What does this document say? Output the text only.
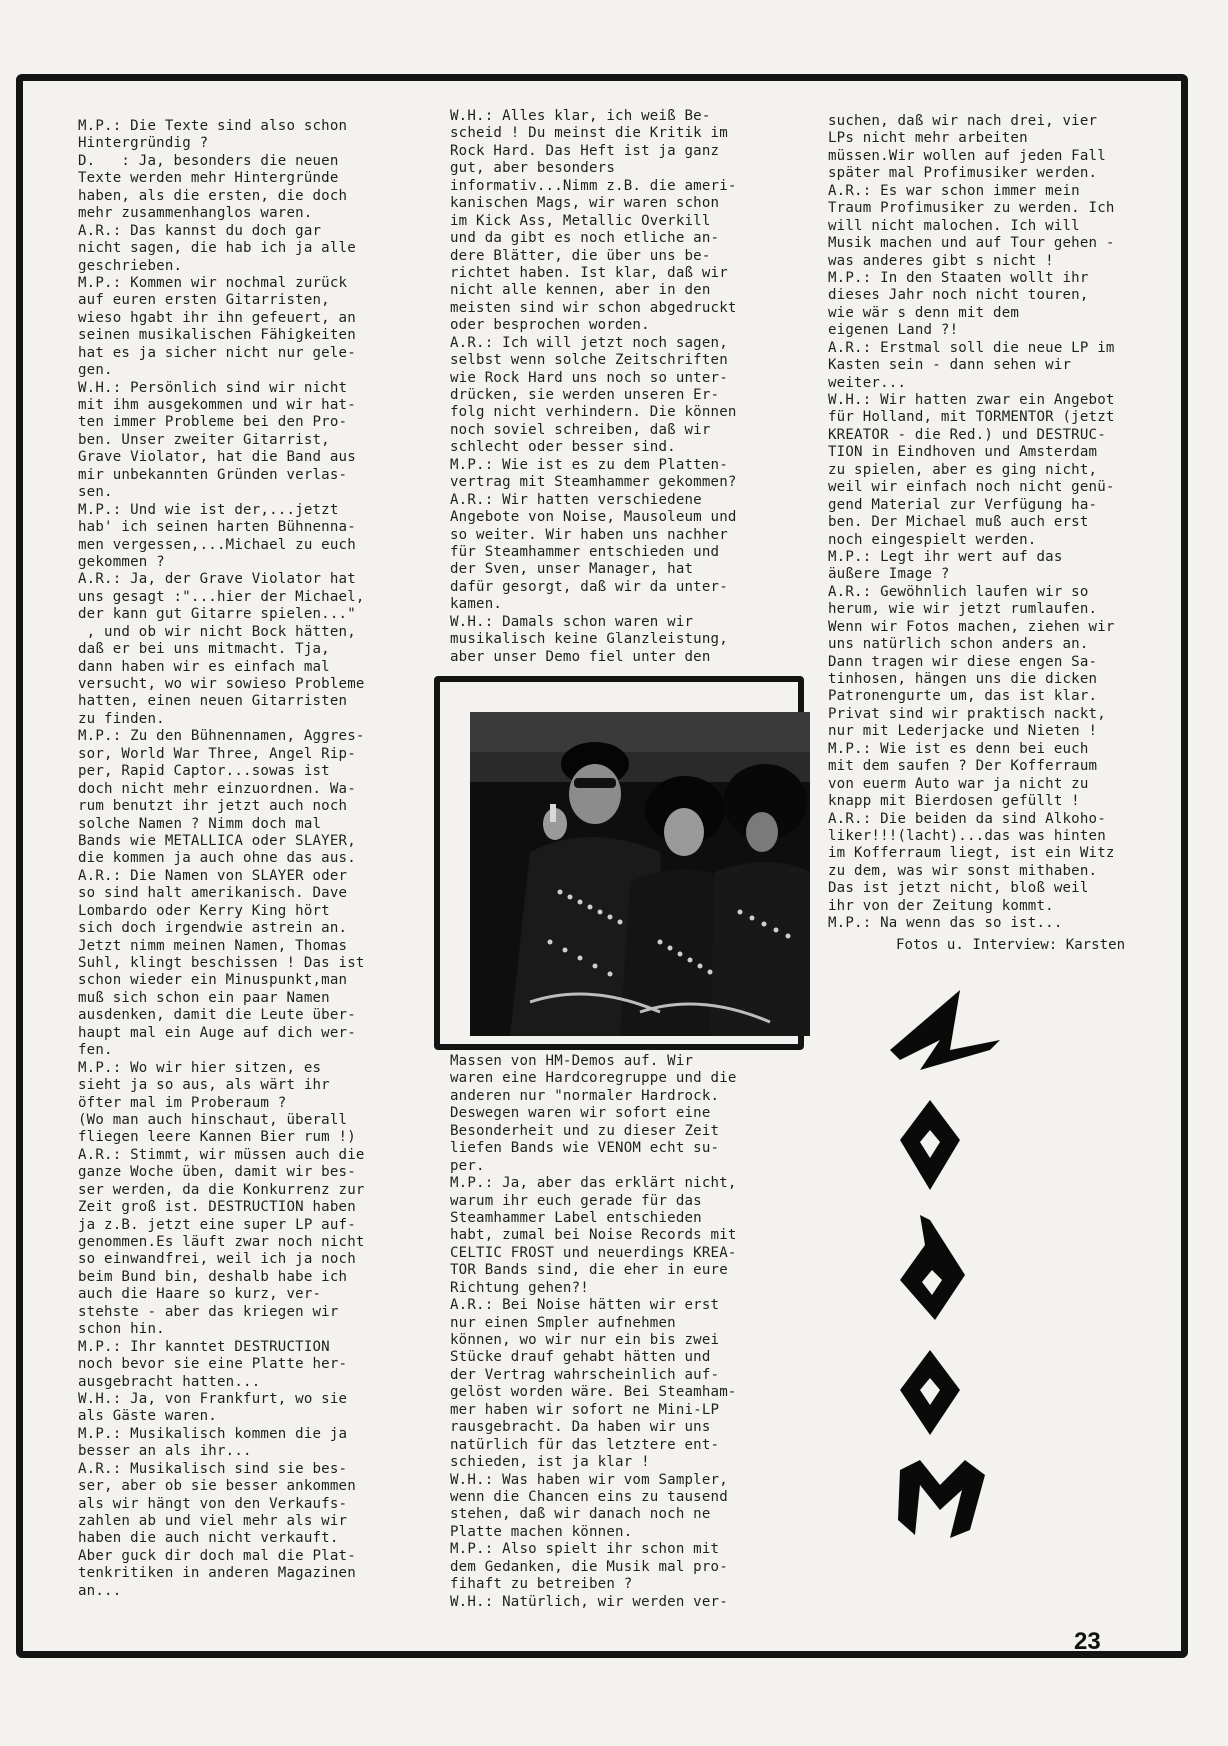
M.P.: Die Texte sind also schon
Hintergründig ?
D.   : Ja, besonders die neuen
Texte werden mehr Hintergründe
haben, als die ersten, die doch
mehr zusammenhanglos waren.
A.R.: Das kannst du doch gar
nicht sagen, die hab ich ja alle
geschrieben.
M.P.: Kommen wir nochmal zurück
auf euren ersten Gitarristen,
wieso hgabt ihr ihn gefeuert, an
seinen musikalischen Fähigkeiten
hat es ja sicher nicht nur gele-
gen.
W.H.: Persönlich sind wir nicht
mit ihm ausgekommen und wir hat-
ten immer Probleme bei den Pro-
ben. Unser zweiter Gitarrist,
Grave Violator, hat die Band aus
mir unbekannten Gründen verlas-
sen.
M.P.: Und wie ist der,...jetzt
hab' ich seinen harten Bühnenna-
men vergessen,...Michael zu euch
gekommen ?
A.R.: Ja, der Grave Violator hat
uns gesagt :"...hier der Michael,
der kann gut Gitarre spielen..."
, und ob wir nicht Bock hätten,
daß er bei uns mitmacht. Tja,
dann haben wir es einfach mal
versucht, wo wir sowieso Probleme
hatten, einen neuen Gitarristen
zu finden.
M.P.: Zu den Bühnennamen, Aggres-
sor, World War Three, Angel Rip-
per, Rapid Captor...sowas ist
doch nicht mehr einzuordnen. Wa-
rum benutzt ihr jetzt auch noch
solche Namen ? Nimm doch mal
Bands wie METALLICA oder SLAYER,
die kommen ja auch ohne das aus.
A.R.: Die Namen von SLAYER oder
so sind halt amerikanisch. Dave
Lombardo oder Kerry King hört
sich doch irgendwie astrein an.
Jetzt nimm meinen Namen, Thomas
Suhl, klingt beschissen ! Das ist
schon wieder ein Minuspunkt,man
muß sich schon ein paar Namen
ausdenken, damit die Leute über-
haupt mal ein Auge auf dich wer-
fen.
M.P.: Wo wir hier sitzen, es
sieht ja so aus, als wärt ihr
öfter mal im Proberaum ?
(Wo man auch hinschaut, überall
fliegen leere Kannen Bier rum !)
A.R.: Stimmt, wir müssen auch die
ganze Woche üben, damit wir bes-
ser werden, da die Konkurrenz zur
Zeit groß ist. DESTRUCTION haben
ja z.B. jetzt eine super LP auf-
genommen.Es läuft zwar noch nicht
so einwandfrei, weil ich ja noch
beim Bund bin, deshalb habe ich
auch die Haare so kurz, ver-
stehste - aber das kriegen wir
schon hin.
M.P.: Ihr kanntet DESTRUCTION
noch bevor sie eine Platte her-
ausgebracht hatten...
W.H.: Ja, von Frankfurt, wo sie
als Gäste waren.
M.P.: Musikalisch kommen die ja
besser an als ihr...
A.R.: Musikalisch sind sie bes-
ser, aber ob sie besser ankommen
als wir hängt von den Verkaufs-
zahlen ab und viel mehr als wir
haben die auch nicht verkauft.
Aber guck dir doch mal die Plat-
tenkritiken in anderen Magazinen
an...
W.H.: Alles klar, ich weiß Be-
scheid ! Du meinst die Kritik im
Rock Hard. Das Heft ist ja ganz
gut, aber besonders
informativ...Nimm z.B. die ameri-
kanischen Mags, wir waren schon
im Kick Ass, Metallic Overkill
und da gibt es noch etliche an-
dere Blätter, die über uns be-
richtet haben. Ist klar, daß wir
nicht alle kennen, aber in den
meisten sind wir schon abgedruckt
oder besprochen worden.
A.R.: Ich will jetzt noch sagen,
selbst wenn solche Zeitschriften
wie Rock Hard uns noch so unter-
drücken, sie werden unseren Er-
folg nicht verhindern. Die können
noch soviel schreiben, daß wir
schlecht oder besser sind.
M.P.: Wie ist es zu dem Platten-
vertrag mit Steamhammer gekommen?
A.R.: Wir hatten verschiedene
Angebote von Noise, Mausoleum und
so weiter. Wir haben uns nachher
für Steamhammer entschieden und
der Sven, unser Manager, hat
dafür gesorgt, daß wir da unter-
kamen.
W.H.: Damals schon waren wir
musikalisch keine Glanzleistung,
aber unser Demo fiel unter den
Massen von HM-Demos auf. Wir
waren eine Hardcoregruppe und die
anderen nur "normaler Hardrock.
Deswegen waren wir sofort eine
Besonderheit und zu dieser Zeit
liefen Bands wie VENOM echt su-
per.
M.P.: Ja, aber das erklärt nicht,
warum ihr euch gerade für das
Steamhammer Label entschieden
habt, zumal bei Noise Records mit
CELTIC FROST und neuerdings KREA-
TOR Bands sind, die eher in eure
Richtung gehen?!
A.R.: Bei Noise hätten wir erst
nur einen Smpler aufnehmen
können, wo wir nur ein bis zwei
Stücke drauf gehabt hätten und
der Vertrag wahrscheinlich auf-
gelöst worden wäre. Bei Steamham-
mer haben wir sofort ne Mini-LP
rausgebracht. Da haben wir uns
natürlich für das letztere ent-
schieden, ist ja klar !
W.H.: Was haben wir vom Sampler,
wenn die Chancen eins zu tausend
stehen, daß wir danach noch ne
Platte machen können.
M.P.: Also spielt ihr schon mit
dem Gedanken, die Musik mal pro-
fihaft zu betreiben ?
W.H.: Natürlich, wir werden ver-
suchen, daß wir nach drei, vier
LPs nicht mehr arbeiten
müssen.Wir wollen auf jeden Fall
später mal Profimusiker werden.
A.R.: Es war schon immer mein
Traum Profimusiker zu werden. Ich
will nicht malochen. Ich will
Musik machen und auf Tour gehen -
was anderes gibt s nicht !
M.P.: In den Staaten wollt ihr
dieses Jahr noch nicht touren,
wie wär s denn mit dem
eigenen Land ?!
A.R.: Erstmal soll die neue LP im
Kasten sein - dann sehen wir
weiter...
W.H.: Wir hatten zwar ein Angebot
für Holland, mit TORMENTOR (jetzt
KREATOR - die Red.) und DESTRUC-
TION in Eindhoven und Amsterdam
zu spielen, aber es ging nicht,
weil wir einfach noch nicht genü-
gend Material zur Verfügung ha-
ben. Der Michael muß auch erst
noch eingespielt werden.
M.P.: Legt ihr wert auf das
äußere Image ?
A.R.: Gewöhnlich laufen wir so
herum, wie wir jetzt rumlaufen.
Wenn wir Fotos machen, ziehen wir
uns natürlich schon anders an.
Dann tragen wir diese engen Sa-
tinhosen, hängen uns die dicken
Patronengurte um, das ist klar.
Privat sind wir praktisch nackt,
nur mit Lederjacke und Nieten !
M.P.: Wie ist es denn bei euch
mit dem saufen ? Der Kofferraum
von euerm Auto war ja nicht zu
knapp mit Bierdosen gefüllt !
A.R.: Die beiden da sind Alkoho-
liker!!!(lacht)...das was hinten
im Kofferraum liegt, ist ein Witz
zu dem, was wir sonst mithaben.
Das ist jetzt nicht, bloß weil
ihr von der Zeitung kommt.
M.P.: Na wenn das so ist...
Fotos u. Interview: Karsten
23
